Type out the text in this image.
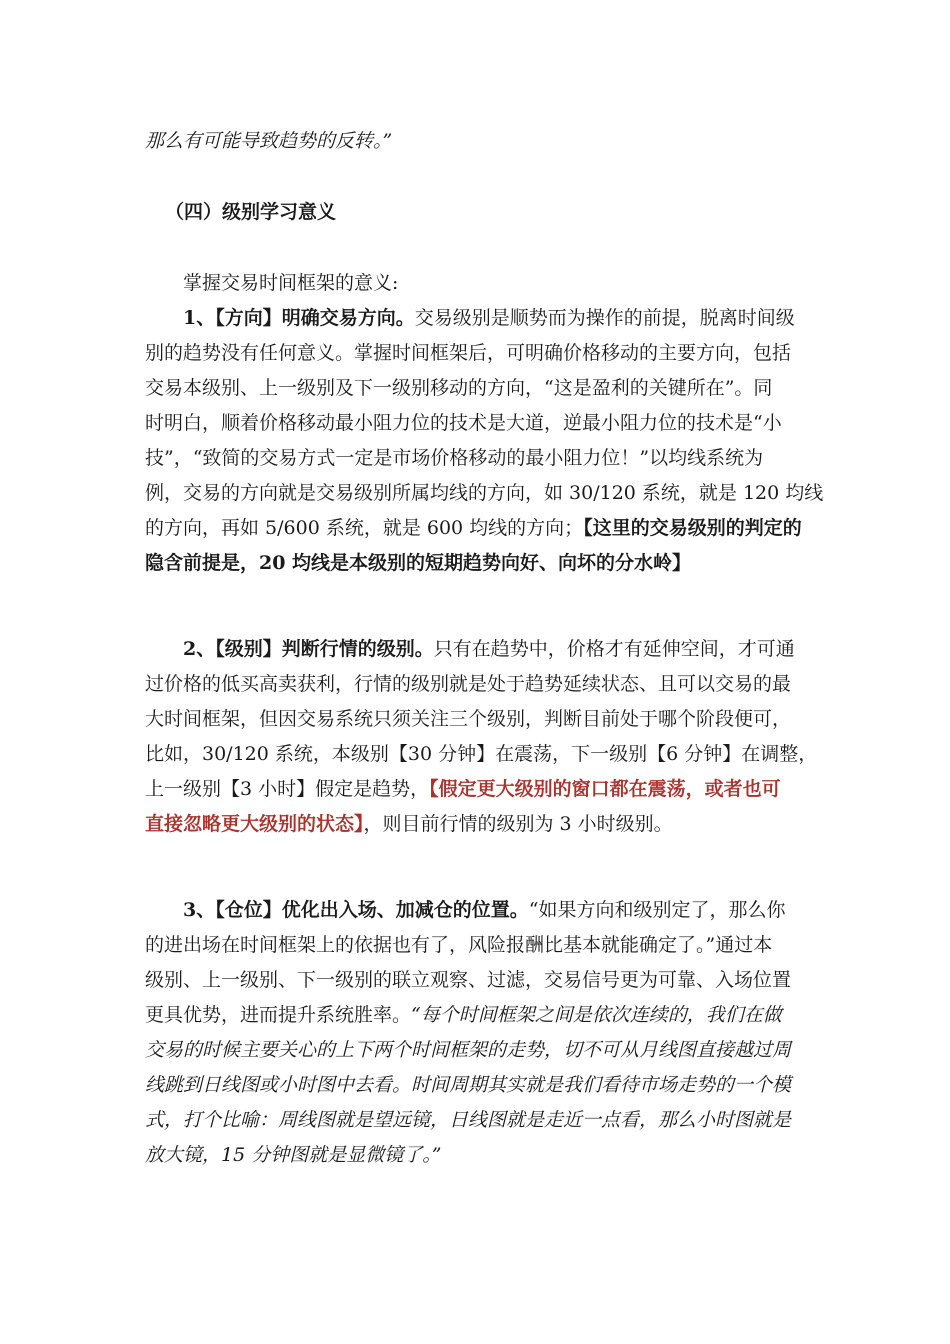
那么有可能导致趋势的反转。”
（四）级别学习意义
掌握交易时间框架的意义:
1、【方向】明确交易方向。交易级别是顺势而为操作的前提，脱离时间级
别的趋势没有任何意义。掌握时间框架后，可明确价格移动的主要方向，包括
交易本级别、上一级别及下一级别移动的方向，“这是盈利的关键所在”。同
时明白，顺着价格移动最小阻力位的技术是大道，逆最小阻力位的技术是“小
技”，“致简的交易方式一定是市场价格移动的最小阻力位！”以均线系统为
例，交易的方向就是交易级别所属均线的方向，如 30/120 系统，就是 120 均线
的方向，再如 5/600 系统，就是 600 均线的方向；【这里的交易级别的判定的
隐含前提是，20 均线是本级别的短期趋势向好、向坏的分水岭】
2、【级别】判断行情的级别。只有在趋势中，价格才有延伸空间，才可通
过价格的低买高卖获利，行情的级别就是处于趋势延续状态、且可以交易的最
大时间框架，但因交易系统只须关注三个级别，判断目前处于哪个阶段便可，
比如，30/120 系统，本级别【30 分钟】在震荡，下一级别【6 分钟】在调整，
上一级别【3 小时】假定是趋势，【假定更大级别的窗口都在震荡，或者也可
直接忽略更大级别的状态】，则目前行情的级别为 3 小时级别。
3、【仓位】优化出入场、加减仓的位置。“如果方向和级别定了，那么你
的进出场在时间框架上的依据也有了，风险报酬比基本就能确定了。”通过本
级别、上一级别、下一级别的联立观察、过滤，交易信号更为可靠、入场位置
更具优势，进而提升系统胜率。“每个时间框架之间是依次连续的，我们在做
交易的时候主要关心的上下两个时间框架的走势，切不可从月线图直接越过周
线跳到日线图或小时图中去看。时间周期其实就是我们看待市场走势的一个模
式，打个比喻：周线图就是望远镜，日线图就是走近一点看，那么小时图就是
放大镜，15 分钟图就是显微镜了。”
